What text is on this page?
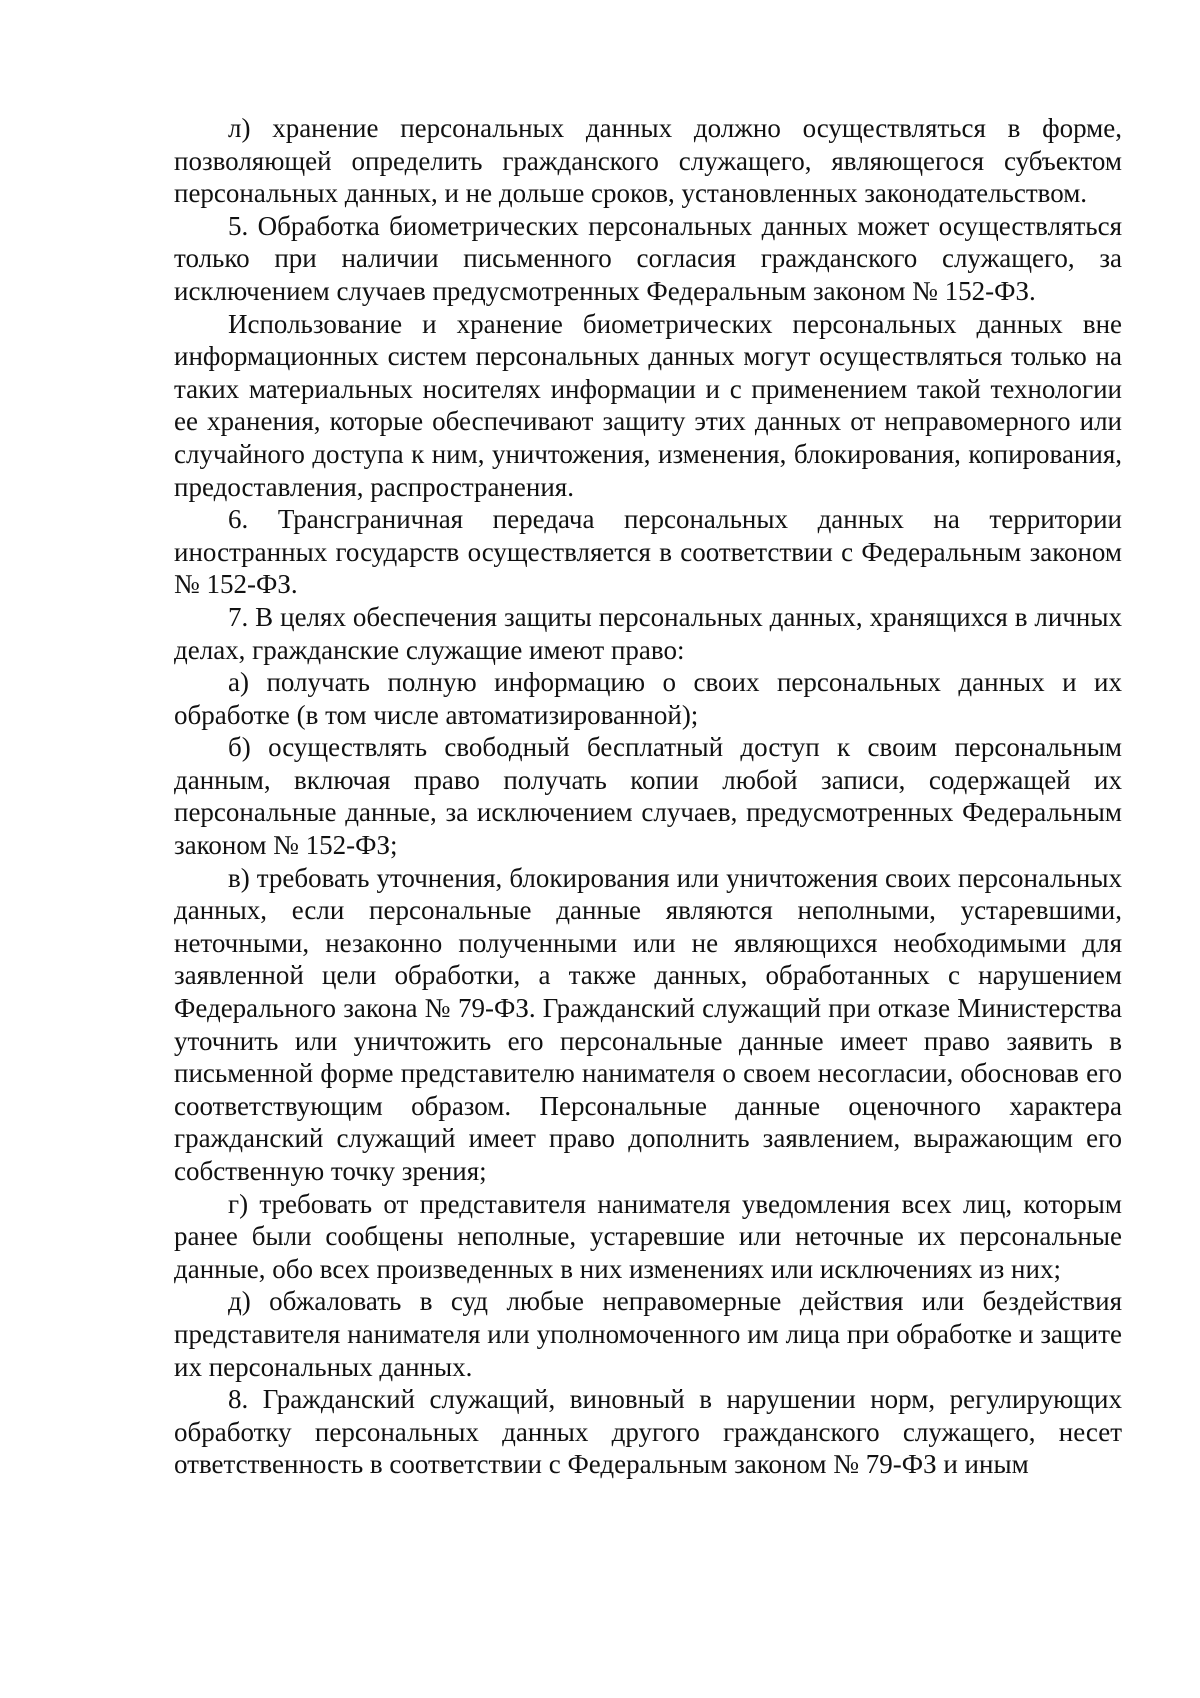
л) хранение персональных данных должно осуществляться в форме, позволяющей определить гражданского служащего, являющегося субъектом персональных данных, и не дольше сроков, установленных законодательством.

5. Обработка биометрических персональных данных может осуществляться только при наличии письменного согласия гражданского служащего, за исключением случаев предусмотренных Федеральным законом № 152-ФЗ.

Использование и хранение биометрических персональных данных вне информационных систем персональных данных могут осуществляться только на таких материальных носителях информации и с применением такой технологии ее хранения, которые обеспечивают защиту этих данных от неправомерного или случайного доступа к ним, уничтожения, изменения, блокирования, копирования, предоставления, распространения.

6. Трансграничная передача персональных данных на территории иностранных государств осуществляется в соответствии с Федеральным законом № 152-ФЗ.

7. В целях обеспечения защиты персональных данных, хранящихся в личных делах, гражданские служащие имеют право:

а) получать полную информацию о своих персональных данных и их обработке (в том числе автоматизированной);

б) осуществлять свободный бесплатный доступ к своим персональным данным, включая право получать копии любой записи, содержащей их персональные данные, за исключением случаев, предусмотренных Федеральным законом № 152-ФЗ;

в) требовать уточнения, блокирования или уничтожения своих персональных данных, если персональные данные являются неполными, устаревшими, неточными, незаконно полученными или не являющихся необходимыми для заявленной цели обработки, а также данных, обработанных с нарушением Федерального закона № 79-ФЗ. Гражданский служащий при отказе Министерства уточнить или уничтожить его персональные данные имеет право заявить в письменной форме представителю нанимателя о своем несогласии, обосновав его соответствующим образом. Персональные данные оценочного характера гражданский служащий имеет право дополнить заявлением, выражающим его собственную точку зрения;

г) требовать от представителя нанимателя уведомления всех лиц, которым ранее были сообщены неполные, устаревшие или неточные их персональные данные, обо всех произведенных в них изменениях или исключениях из них;

д) обжаловать в суд любые неправомерные действия или бездействия представителя нанимателя или уполномоченного им лица при обработке и защите их персональных данных.

8. Гражданский служащий, виновный в нарушении норм, регулирующих обработку персональных данных другого гражданского служащего, несет ответственность в соответствии с Федеральным законом № 79-ФЗ и иным
